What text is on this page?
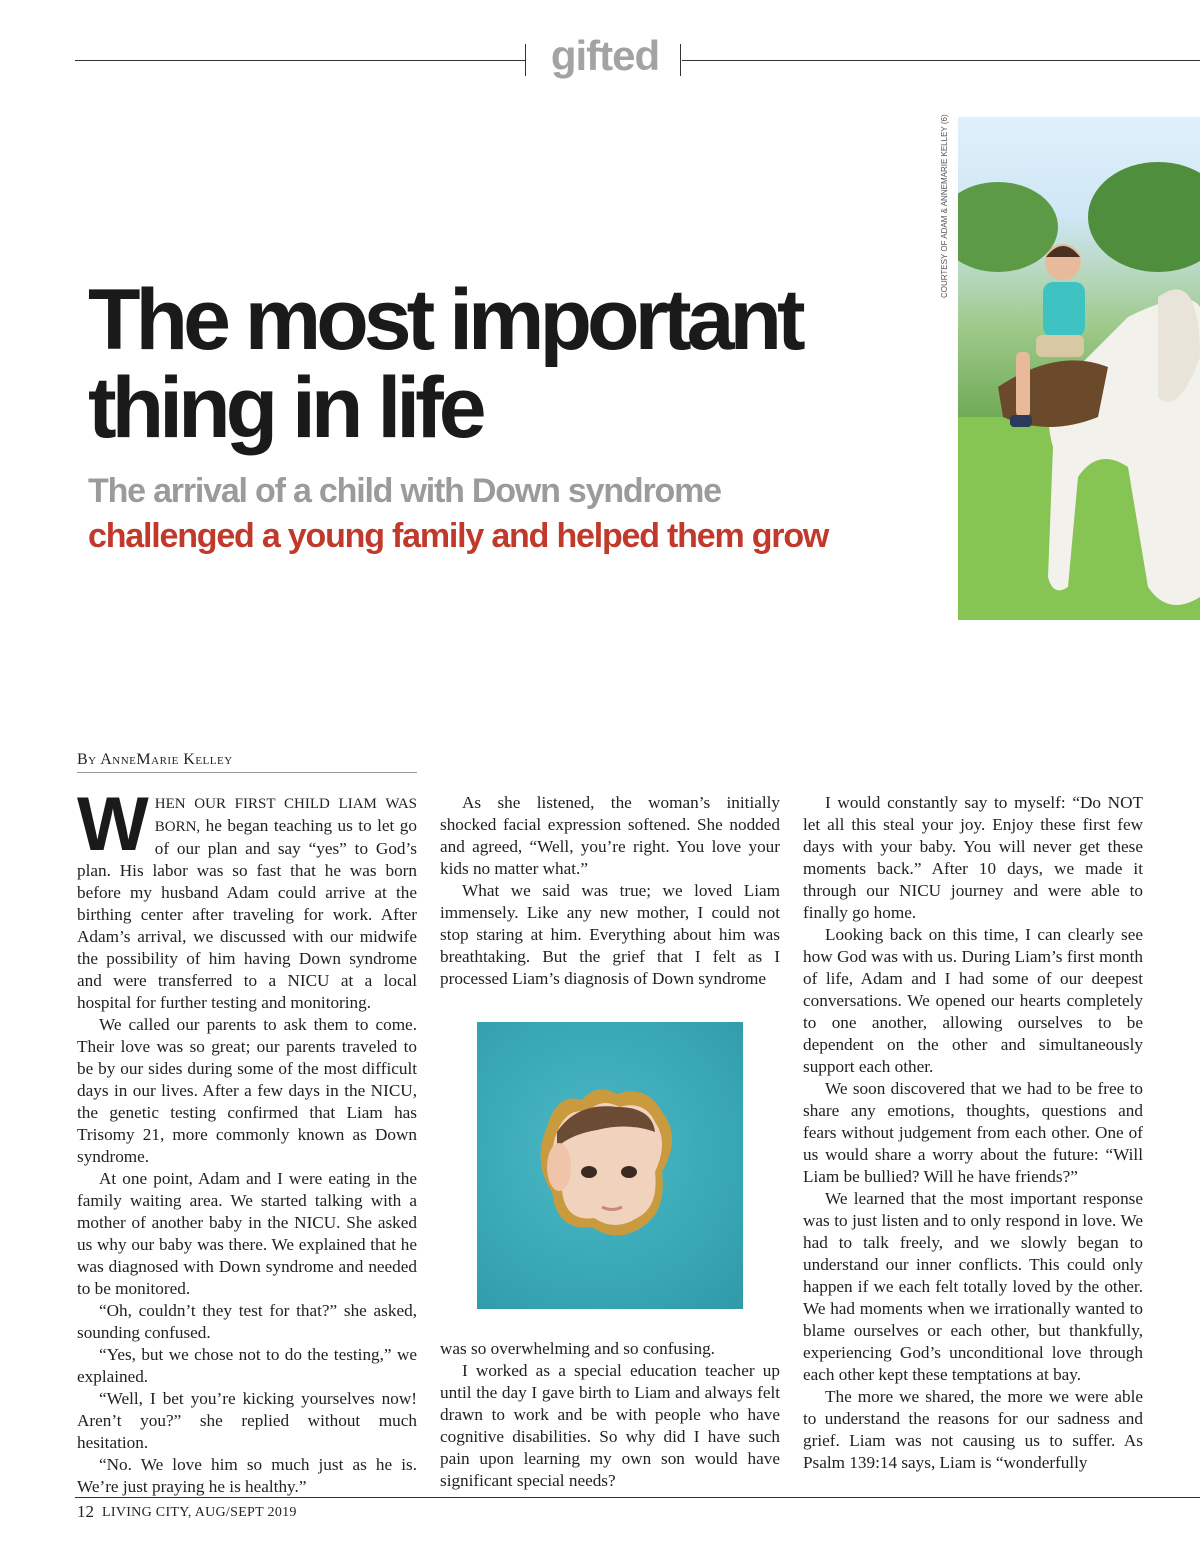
gifted
COURTESY OF ADAM & ANNEMARIE KELLEY (6)
The most important thing in life
The arrival of a child with Down syndrome
challenged a young family and helped them grow
By AnneMarie Kelley

WHEN OUR FIRST CHILD LIAM WAS BORN, he began teaching us to let go of our plan and say “yes” to God’s plan. His labor was so fast that he was born before my husband Adam could arrive at the birthing center after traveling for work. After Adam’s arrival, we discussed with our midwife the possibility of him having Down syndrome and were transferred to a NICU at a local hospital for further testing and monitoring.

We called our parents to ask them to come. Their love was so great; our parents traveled to be by our sides during some of the most difficult days in our lives. After a few days in the NICU, the genetic testing confirmed that Liam has Trisomy 21, more commonly known as Down syndrome.

At one point, Adam and I were eating in the family waiting area. We started talking with a mother of another baby in the NICU. She asked us why our baby was there. We explained that he was diagnosed with Down syndrome and needed to be monitored.

“Oh, couldn’t they test for that?” she asked, sounding confused.

“Yes, but we chose not to do the testing,” we explained.

“Well, I bet you’re kicking yourselves now! Aren’t you?” she replied without much hesitation.

“No. We love him so much just as he is. We’re just praying he is healthy.”

As she listened, the woman’s initially shocked facial expression softened. She nodded and agreed, “Well, you’re right. You love your kids no matter what.”

What we said was true; we loved Liam immensely. Like any new mother, I could not stop staring at him. Everything about him was breathtaking. But the grief that I felt as I processed Liam’s diagnosis of Down syndrome

was so overwhelming and so confusing.

I worked as a special education teacher up until the day I gave birth to Liam and always felt drawn to work and be with people who have cognitive disabilities. So why did I have such pain upon learning my own son would have significant special needs?

I would constantly say to myself: “Do NOT let all this steal your joy. Enjoy these first few days with your baby. You will never get these moments back.” After 10 days, we made it through our NICU journey and were able to finally go home.

Looking back on this time, I can clearly see how God was with us. During Liam’s first month of life, Adam and I had some of our deepest conversations. We opened our hearts completely to one another, allowing ourselves to be dependent on the other and simultaneously support each other.

We soon discovered that we had to be free to share any emotions, thoughts, questions and fears without judgement from each other. One of us would share a worry about the future: “Will Liam be bullied? Will he have friends?”

We learned that the most important response was to just listen and to only respond in love. We had to talk freely, and we slowly began to understand our inner conflicts. This could only happen if we each felt totally loved by the other. We had moments when we irrationally wanted to blame ourselves or each other, but thankfully, experiencing God’s unconditional love through each other kept these temptations at bay.

The more we shared, the more we were able to understand the reasons for our sadness and grief. Liam was not causing us to suffer. As Psalm 139:14 says, Liam is “wonderfully

12 LIVING CITY, AUG/SEPT 2019
